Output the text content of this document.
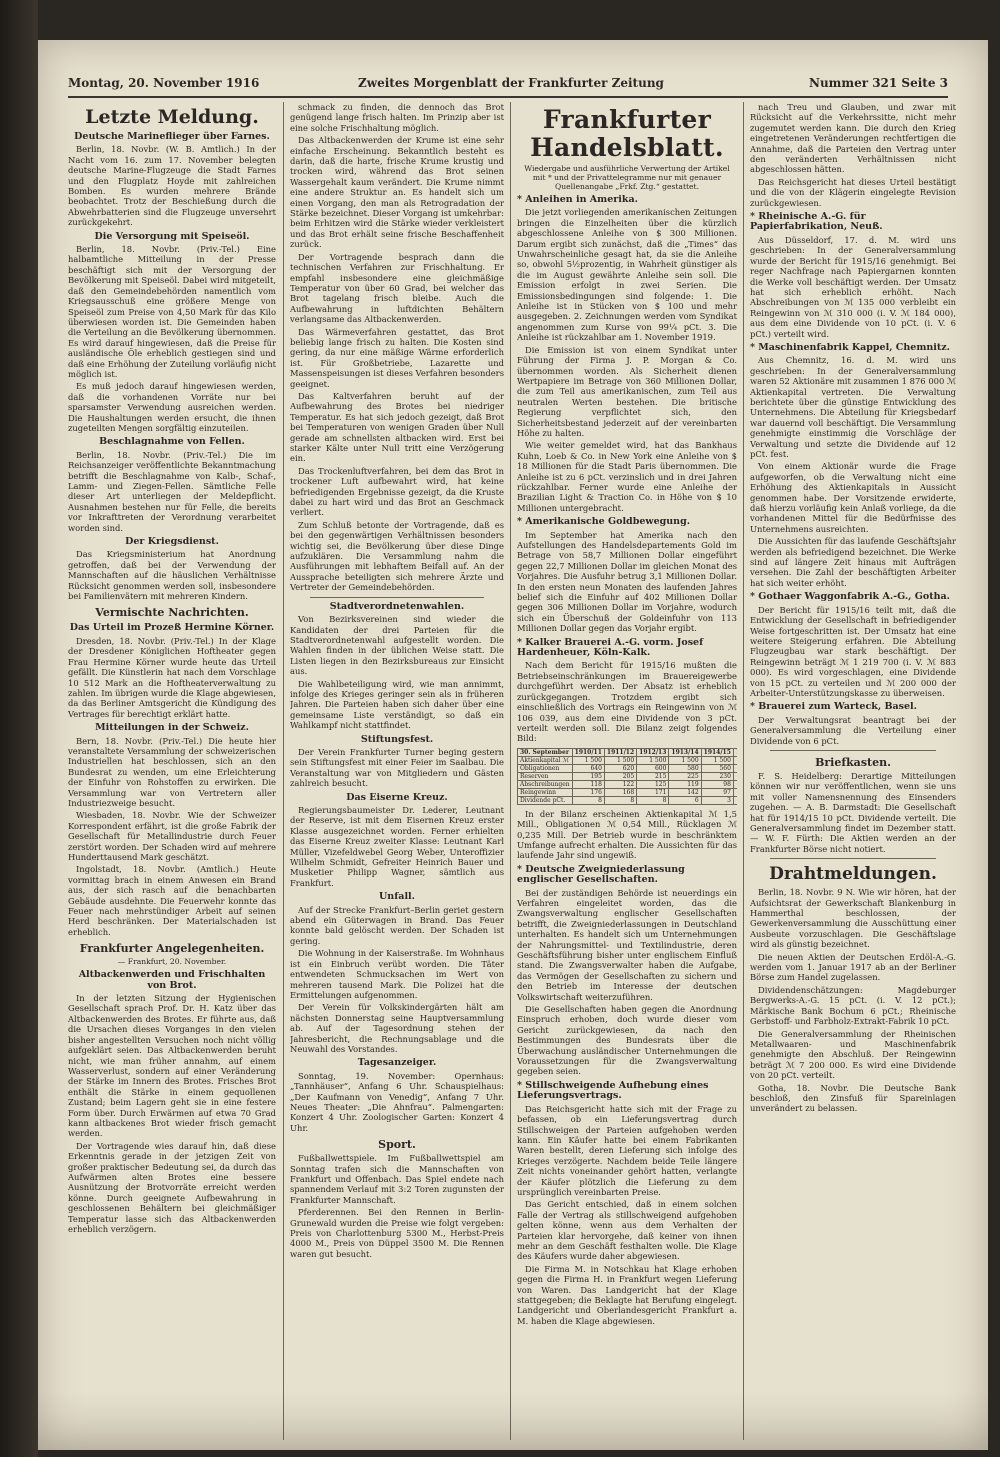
Montag, 20. November 1916	Zweites Morgenblatt der Frankfurter Zeitung	Nummer 321 Seite 3
Letzte Meldung.
Deutsche Marineflieger über Farnes.

Berlin, 18. Novbr. (W. B. Amtlich.) In der Nacht vom 16. zum 17. November belegten deutsche Marine-Flugzeuge die Stadt Farnes und den Flugplatz Hoyde mit zahlreichen Bomben. Es wurden mehrere Brände beobachtet. Trotz der Beschießung durch die Abwehrbatterien sind die Flugzeuge unversehrt zurückgekehrt.

Die Versorgung mit Speiseöl.

Berlin, 18. Novbr. (Priv.-Tel.) Eine halbamtliche Mitteilung in der Presse beschäftigt sich mit der Versorgung der Bevölkerung mit Speiseöl. Dabei wird mitgeteilt, daß den Gemeindebehörden namentlich vom Kriegsausschuß eine größere Menge von Speiseöl zum Preise von 4,50 Mark für das Kilo überwiesen worden ist. Die Gemeinden haben die Verteilung an die Bevölkerung übernommen. Es wird darauf hingewiesen, daß die Preise für ausländische Öle erheblich gestiegen sind und daß eine Erhöhung der Zuteilung vorläufig nicht möglich ist.

Es muß jedoch darauf hingewiesen werden, daß die vorhandenen Vorräte nur bei sparsamster Verwendung ausreichen werden. Die Haushaltungen werden ersucht, die ihnen zugeteilten Mengen sorgfältig einzuteilen.

Beschlagnahme von Fellen.

Berlin, 18. Novbr. (Priv.-Tel.) Die im Reichsanzeiger veröffentlichte Bekanntmachung betrifft die Beschlagnahme von Kalb-, Schaf-, Lamm- und Ziegen-Fellen. Sämtliche Felle dieser Art unterliegen der Meldepflicht. Ausnahmen bestehen nur für Felle, die bereits vor Inkrafttreten der Verordnung verarbeitet worden sind.

Der Kriegsdienst.

Das Kriegsministerium hat Anordnung getroffen, daß bei der Verwendung der Mannschaften auf die häuslichen Verhältnisse Rücksicht genommen werden soll, insbesondere bei Familienvätern mit mehreren Kindern.

Vermischte Nachrichten.
Das Urteil im Prozeß Hermine Körner.

Dresden, 18. Novbr. (Priv.-Tel.) In der Klage der Dresdener Königlichen Hoftheater gegen Frau Hermine Körner wurde heute das Urteil gefällt. Die Künstlerin hat nach dem Vorschlage 10 512 Mark an die Hoftheaterverwaltung zu zahlen. Im übrigen wurde die Klage abgewiesen, da das Berliner Amtsgericht die Kündigung des Vertrages für berechtigt erklärt hatte.

Mitteilungen in der Schweiz.

Bern, 18. Novbr. (Priv.-Tel.) Die heute hier veranstaltete Versammlung der schweizerischen Industriellen hat beschlossen, sich an den Bundesrat zu wenden, um eine Erleichterung der Einfuhr von Rohstoffen zu erwirken. Die Versammlung war von Vertretern aller Industriezweige besucht.

Wiesbaden, 18. Novbr. Wie der Schweizer Korrespondent erfährt, ist die große Fabrik der Gesellschaft für Metallindustrie durch Feuer zerstört worden. Der Schaden wird auf mehrere Hunderttausend Mark geschätzt.

Ingolstadt, 18. Novbr. (Amtlich.) Heute vormittag brach in einem Anwesen ein Brand aus, der sich rasch auf die benachbarten Gebäude ausdehnte. Die Feuerwehr konnte das Feuer nach mehrstündiger Arbeit auf seinen Herd beschränken. Der Materialschaden ist erheblich.

Frankfurter Angelegenheiten.
— Frankfurt, 20. November.
Altbackenwerden und Frischhalten von Brot.

In der letzten Sitzung der Hygienischen Gesellschaft sprach Prof. Dr. H. Katz über das Altbackenwerden des Brotes. Er führte aus, daß die Ursachen dieses Vorganges in den vielen bisher angestellten Versuchen noch nicht völlig aufgeklärt seien. Das Altbackenwerden beruht nicht, wie man früher annahm, auf einem Wasserverlust, sondern auf einer Veränderung der Stärke im Innern des Brotes. Frisches Brot enthält die Stärke in einem gequollenen Zustand; beim Lagern geht sie in eine festere Form über. Durch Erwärmen auf etwa 70 Grad kann altbackenes Brot wieder frisch gemacht werden.

Der Vortragende wies darauf hin, daß diese Erkenntnis gerade in der jetzigen Zeit von großer praktischer Bedeutung sei, da durch das Aufwärmen alten Brotes eine bessere Ausnützung der Brotvorräte erreicht werden könne. Durch geeignete Aufbewahrung in geschlossenen Behältern bei gleichmäßiger Temperatur lasse sich das Altbackenwerden erheblich verzögern.

schmack zu finden, die dennoch das Brot genügend lange frisch halten. Im Prinzip aber ist eine solche Frischhaltung möglich.

Das Altbackenwerden der Krume ist eine sehr einfache Erscheinung. Bekanntlich besteht es darin, daß die harte, frische Krume krustig und trocken wird, während das Brot seinen Wassergehalt kaum verändert. Die Krume nimmt eine andere Struktur an. Es handelt sich um einen Vorgang, den man als Retrogradation der Stärke bezeichnet. Dieser Vorgang ist umkehrbar: beim Erhitzen wird die Stärke wieder verkleistert und das Brot erhält seine frische Beschaffenheit zurück.

Der Vortragende besprach dann die technischen Verfahren zur Frischhaltung. Er empfahl insbesondere eine gleichmäßige Temperatur von über 60 Grad, bei welcher das Brot tagelang frisch bleibe. Auch die Aufbewahrung in luftdichten Behältern verlangsame das Altbackenwerden.

Das Wärmeverfahren gestattet, das Brot beliebig lange frisch zu halten. Die Kosten sind gering, da nur eine mäßige Wärme erforderlich ist. Für Großbetriebe, Lazarette und Massenspeisungen ist dieses Verfahren besonders geeignet.

Das Kaltverfahren beruht auf der Aufbewahrung des Brotes bei niedriger Temperatur. Es hat sich jedoch gezeigt, daß Brot bei Temperaturen von wenigen Graden über Null gerade am schnellsten altbacken wird. Erst bei starker Kälte unter Null tritt eine Verzögerung ein.

Das Trockenluftverfahren, bei dem das Brot in trockener Luft aufbewahrt wird, hat keine befriedigenden Ergebnisse gezeigt, da die Kruste dabei zu hart wird und das Brot an Geschmack verliert.

Zum Schluß betonte der Vortragende, daß es bei den gegenwärtigen Verhältnissen besonders wichtig sei, die Bevölkerung über diese Dinge aufzuklären. Die Versammlung nahm die Ausführungen mit lebhaftem Beifall auf. An der Aussprache beteiligten sich mehrere Ärzte und Vertreter der Gemeindebehörden.

Stadtverordnetenwahlen.

Von Bezirksvereinen sind wieder die Kandidaten der drei Parteien für die Stadtverordnetenwahl aufgestellt worden. Die Wahlen finden in der üblichen Weise statt. Die Listen liegen in den Bezirksbureaus zur Einsicht aus.

Die Wahlbeteiligung wird, wie man annimmt, infolge des Krieges geringer sein als in früheren Jahren. Die Parteien haben sich daher über eine gemeinsame Liste verständigt, so daß ein Wahlkampf nicht stattfindet.

Stiftungsfest.

Der Verein Frankfurter Turner beging gestern sein Stiftungsfest mit einer Feier im Saalbau. Die Veranstaltung war von Mitgliedern und Gästen zahlreich besucht.

Das Eiserne Kreuz.

Regierungsbaumeister Dr. Lederer, Leutnant der Reserve, ist mit dem Eisernen Kreuz erster Klasse ausgezeichnet worden. Ferner erhielten das Eiserne Kreuz zweiter Klasse: Leutnant Karl Müller, Vizefeldwebel Georg Weber, Unteroffizier Wilhelm Schmidt, Gefreiter Heinrich Bauer und Musketier Philipp Wagner, sämtlich aus Frankfurt.

Unfall.

Auf der Strecke Frankfurt–Berlin geriet gestern abend ein Güterwagen in Brand. Das Feuer konnte bald gelöscht werden. Der Schaden ist gering.

Die Wohnung in der Kaiserstraße. Im Wohnhaus ist ein Einbruch verübt worden. Die Täter entwendeten Schmucksachen im Wert von mehreren tausend Mark. Die Polizei hat die Ermittelungen aufgenommen.

Der Verein für Volkskindergärten hält am nächsten Donnerstag seine Hauptversammlung ab. Auf der Tagesordnung stehen der Jahresbericht, die Rechnungsablage und die Neuwahl des Vorstandes.

Tagesanzeiger.

Sonntag, 19. November: Opernhaus: „Tannhäuser“, Anfang 6 Uhr. Schauspielhaus: „Der Kaufmann von Venedig“, Anfang 7 Uhr. Neues Theater: „Die Ahnfrau“. Palmengarten: Konzert 4 Uhr. Zoologischer Garten: Konzert 4 Uhr.

Sport.

Fußballwettspiele. Im Fußballwettspiel am Sonntag trafen sich die Mannschaften von Frankfurt und Offenbach. Das Spiel endete nach spannendem Verlauf mit 3:2 Toren zugunsten der Frankfurter Mannschaft.

Pferderennen. Bei den Rennen in Berlin-Grunewald wurden die Preise wie folgt vergeben: Preis von Charlottenburg 5300 M., Herbst-Preis 4000 M., Preis von Düppel 3500 M. Die Rennen waren gut besucht.

Frankfurter Handelsblatt.
Wiedergabe und ausführliche Verwertung der Artikel mit * und der Privattelegramme nur mit genauer Quellenangabe „Frkf. Ztg.“ gestattet.
* Anleihen in Amerika.

Die jetzt vorliegenden amerikanischen Zeitungen bringen die Einzelheiten über die kürzlich abgeschlossene Anleihe von $ 300 Millionen. Darum ergibt sich zunächst, daß die „Times“ das Unwahrscheinliche gesagt hat, da sie die Anleihe so, obwohl 5½prozentig, in Wahrheit günstiger als die im August gewährte Anleihe sein soll. Die Emission erfolgt in zwei Serien. Die Emissionsbedingungen sind folgende: 1. Die Anleihe ist in Stücken von $ 100 und mehr ausgegeben. 2. Zeichnungen werden vom Syndikat angenommen zum Kurse von 99¼ pCt. 3. Die Anleihe ist rückzahlbar am 1. November 1919.

Die Emission ist von einem Syndikat unter Führung der Firma J. P. Morgan & Co. übernommen worden. Als Sicherheit dienen Wertpapiere im Betrage von 360 Millionen Dollar, die zum Teil aus amerikanischen, zum Teil aus neutralen Werten bestehen. Die britische Regierung verpflichtet sich, den Sicherheitsbestand jederzeit auf der vereinbarten Höhe zu halten.

Wie weiter gemeldet wird, hat das Bankhaus Kuhn, Loeb & Co. in New York eine Anleihe von $ 18 Millionen für die Stadt Paris übernommen. Die Anleihe ist zu 6 pCt. verzinslich und in drei Jahren rückzahlbar. Ferner wurde eine Anleihe der Brazilian Light & Traction Co. in Höhe von $ 10 Millionen untergebracht.

* Amerikanische Goldbewegung.

Im September hat Amerika nach den Aufstellungen des Handelsdepartements Gold im Betrage von 58,7 Millionen Dollar eingeführt gegen 22,7 Millionen Dollar im gleichen Monat des Vorjahres. Die Ausfuhr betrug 3,1 Millionen Dollar. In den ersten neun Monaten des laufenden Jahres belief sich die Einfuhr auf 402 Millionen Dollar gegen 306 Millionen Dollar im Vorjahre, wodurch sich ein Überschuß der Goldeinfuhr von 113 Millionen Dollar gegen das Vorjahr ergibt.

* Kalker Brauerei A.-G. vorm. Josef Hardenheuer, Köln-Kalk.

Nach dem Bericht für 1915/16 mußten die Betriebseinschränkungen im Brauereigewerbe durchgeführt werden. Der Absatz ist erheblich zurückgegangen. Trotzdem ergibt sich einschließlich des Vortrags ein Reingewinn von ℳ 106 039, aus dem eine Dividende von 3 pCt. verteilt werden soll. Die Bilanz zeigt folgendes Bild:

30. September	1910/11	1911/12	1912/13	1913/14	1914/15	
Aktienkapital ℳ	1 500	1 500	1 500	1 500	1 500	
Obligationen	640	620	600	580	560	
Reserven	195	205	215	225	230	
Abschreibungen	118	122	125	119	98	
Reingewinn	176	168	171	142	97	
Dividende pCt.	8	8	8	6	3	

In der Bilanz erscheinen Aktienkapital ℳ 1,5 Mill., Obligationen ℳ 0,54 Mill., Rücklagen ℳ 0,235 Mill. Der Betrieb wurde in beschränktem Umfange aufrecht erhalten. Die Aussichten für das laufende Jahr sind ungewiß.

* Deutsche Zweigniederlassung englischer Gesellschaften.

Bei der zuständigen Behörde ist neuerdings ein Verfahren eingeleitet worden, das die Zwangsverwaltung englischer Gesellschaften betrifft, die Zweigniederlassungen in Deutschland unterhalten. Es handelt sich um Unternehmungen der Nahrungsmittel- und Textilindustrie, deren Geschäftsführung bisher unter englischem Einfluß stand. Die Zwangsverwalter haben die Aufgabe, das Vermögen der Gesellschaften zu sichern und den Betrieb im Interesse der deutschen Volkswirtschaft weiterzuführen.

Die Gesellschaften haben gegen die Anordnung Einspruch erhoben, doch wurde dieser vom Gericht zurückgewiesen, da nach den Bestimmungen des Bundesrats über die Überwachung ausländischer Unternehmungen die Voraussetzungen für die Zwangsverwaltung gegeben seien.

* Stillschweigende Aufhebung eines Lieferungsvertrags.

Das Reichsgericht hatte sich mit der Frage zu befassen, ob ein Lieferungsvertrag durch Stillschweigen der Parteien aufgehoben werden kann. Ein Käufer hatte bei einem Fabrikanten Waren bestellt, deren Lieferung sich infolge des Krieges verzögerte. Nachdem beide Teile längere Zeit nichts voneinander gehört hatten, verlangte der Käufer plötzlich die Lieferung zu dem ursprünglich vereinbarten Preise.

Das Gericht entschied, daß in einem solchen Falle der Vertrag als stillschweigend aufgehoben gelten könne, wenn aus dem Verhalten der Parteien klar hervorgehe, daß keiner von ihnen mehr an dem Geschäft festhalten wolle. Die Klage des Käufers wurde daher abgewiesen.

Die Firma M. in Notschkau hat Klage erhoben gegen die Firma H. in Frankfurt wegen Lieferung von Waren. Das Landgericht hat der Klage stattgegeben; die Beklagte hat Berufung eingelegt. Landgericht und Oberlandesgericht Frankfurt a. M. haben die Klage abgewiesen.

nach Treu und Glauben, und zwar mit Rücksicht auf die Verkehrssitte, nicht mehr zugemutet werden kann. Die durch den Krieg eingetretenen Veränderungen rechtfertigen die Annahme, daß die Parteien den Vertrag unter den veränderten Verhältnissen nicht abgeschlossen hätten.

Das Reichsgericht hat dieses Urteil bestätigt und die von der Klägerin eingelegte Revision zurückgewiesen.

* Rheinische A.-G. für Papierfabrikation, Neuß.

Aus Düsseldorf, 17. d. M. wird uns geschrieben: In der Generalversammlung wurde der Bericht für 1915/16 genehmigt. Bei reger Nachfrage nach Papiergarnen konnten die Werke voll beschäftigt werden. Der Umsatz hat sich erheblich erhöht. Nach Abschreibungen von ℳ 135 000 verbleibt ein Reingewinn von ℳ 310 000 (i. V. ℳ 184 000), aus dem eine Dividende von 10 pCt. (i. V. 6 pCt.) verteilt wird.

* Maschinenfabrik Kappel, Chemnitz.

Aus Chemnitz, 16. d. M. wird uns geschrieben: In der Generalversammlung waren 52 Aktionäre mit zusammen 1 876 000 ℳ Aktienkapital vertreten. Die Verwaltung berichtete über die günstige Entwicklung des Unternehmens. Die Abteilung für Kriegsbedarf war dauernd voll beschäftigt. Die Versammlung genehmigte einstimmig die Vorschläge der Verwaltung und setzte die Dividende auf 12 pCt. fest.

Von einem Aktionär wurde die Frage aufgeworfen, ob die Verwaltung nicht eine Erhöhung des Aktienkapitals in Aussicht genommen habe. Der Vorsitzende erwiderte, daß hierzu vorläufig kein Anlaß vorliege, da die vorhandenen Mittel für die Bedürfnisse des Unternehmens ausreichten.

Die Aussichten für das laufende Geschäftsjahr werden als befriedigend bezeichnet. Die Werke sind auf längere Zeit hinaus mit Aufträgen versehen. Die Zahl der beschäftigten Arbeiter hat sich weiter erhöht.

* Gothaer Waggonfabrik A.-G., Gotha.

Der Bericht für 1915/16 teilt mit, daß die Entwicklung der Gesellschaft in befriedigender Weise fortgeschritten ist. Der Umsatz hat eine weitere Steigerung erfahren. Die Abteilung Flugzeugbau war stark beschäftigt. Der Reingewinn beträgt ℳ 1 219 700 (i. V. ℳ 883 000). Es wird vorgeschlagen, eine Dividende von 15 pCt. zu verteilen und ℳ 200 000 der Arbeiter-Unterstützungskasse zu überweisen.

* Brauerei zum Warteck, Basel.

Der Verwaltungsrat beantragt bei der Generalversammlung die Verteilung einer Dividende von 6 pCt.

Briefkasten.

F. S. Heidelberg: Derartige Mitteilungen können wir nur veröffentlichen, wenn sie uns mit voller Namensnennung des Einsenders zugehen. — A. B. Darmstadt: Die Gesellschaft hat für 1914/15 10 pCt. Dividende verteilt. Die Generalversammlung findet im Dezember statt. — W. F. Fürth: Die Aktien werden an der Frankfurter Börse nicht notiert.

Drahtmeldungen.

Berlin, 18. Novbr. 9 N. Wie wir hören, hat der Aufsichtsrat der Gewerkschaft Blankenburg in Hammerthal beschlossen, der Gewerkenversammlung die Ausschüttung einer Ausbeute vorzuschlagen. Die Geschäftslage wird als günstig bezeichnet.

Die neuen Aktien der Deutschen Erdöl-A.-G. werden vom 1. Januar 1917 ab an der Berliner Börse zum Handel zugelassen.

Dividendenschätzungen: Magdeburger Bergwerks-A.-G. 15 pCt. (i. V. 12 pCt.); Märkische Bank Bochum 6 pCt.; Rheinische Gerbstoff- und Farbholz-Extrakt-Fabrik 10 pCt.

Die Generalversammlung der Rheinischen Metallwaaren- und Maschinenfabrik genehmigte den Abschluß. Der Reingewinn beträgt ℳ 7 200 000. Es wird eine Dividende von 20 pCt. verteilt.

Gotha, 18. Novbr. Die Deutsche Bank beschloß, den Zinsfuß für Spareinlagen unverändert zu belassen.
